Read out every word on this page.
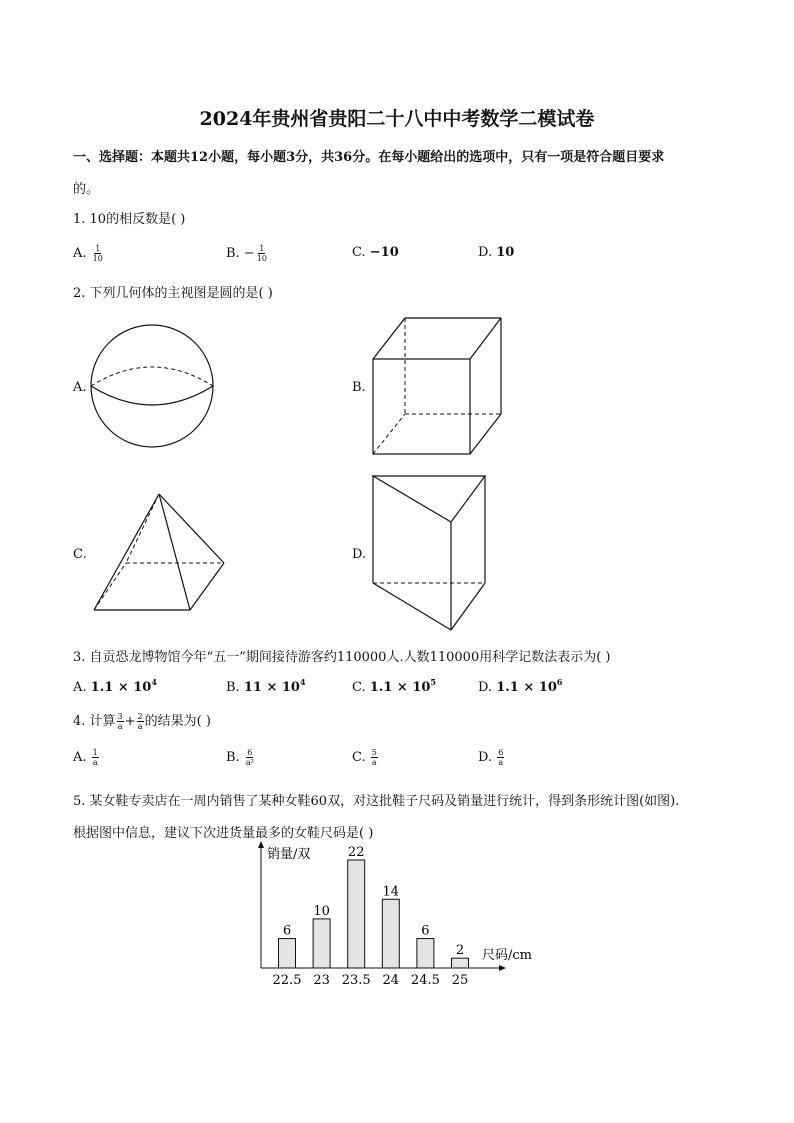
2024年贵州省贵阳二十八中中考数学二模试卷
一、选择题：本题共12小题，每小题3分，共36分。在每小题给出的选项中，只有一项是符合题目要求
的。
1. 10的相反数是( )
A. $\frac{1}{10}$	B. − $\frac{1}{10}$	C. −10	D. 10
2. 下列几何体的主视图是圆的是( )
A.	B.
C.	D.
3. 自贡恐龙博物馆今年“五一”期间接待游客约110000人.人数110000用科学记数法表示为( )
A. $1.1 \times 10^4$	B. $11 \times 10^4$	C. $1.1 \times 10^5$	D. $1.1 \times 10^6$
4. 计算 $\frac{3}{a} + \frac{2}{a}$ 的结果为( )
A. $\frac{1}{a}$	B. $\frac{6}{\text{a²}}$	C. $\frac{5}{a}$	D. $\frac{6}{a}$
5. 某女鞋专卖店在一周内销售了某种女鞋60双，对这批鞋子尺码及销量进行统计，得到条形统计图(如图).
根据图中信息，建议下次进货量最多的女鞋尺码是( )
销量/双
尺码/cm
6
22.5
10
23
22
23.5
14
24
6
24.5
2
25
